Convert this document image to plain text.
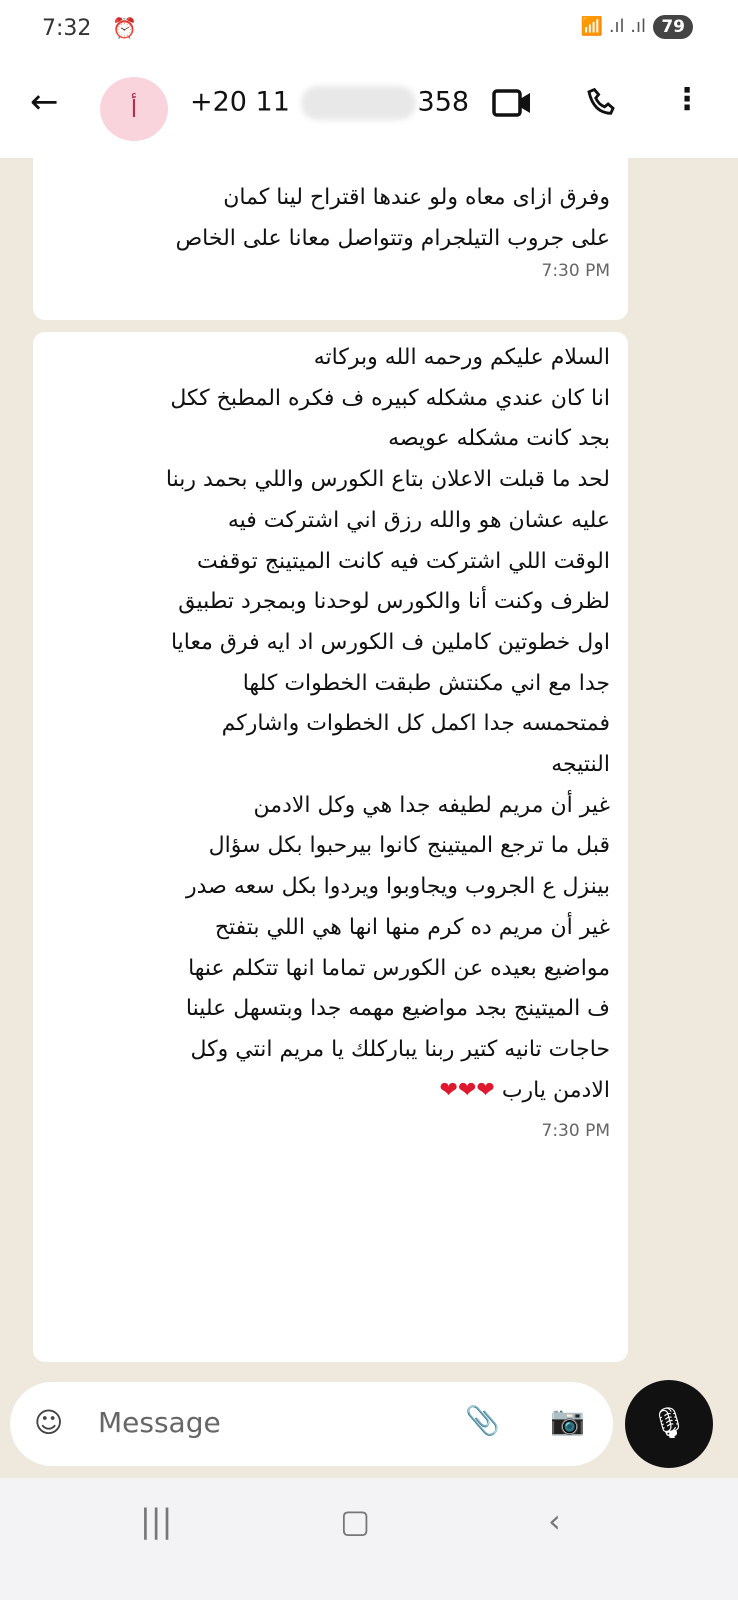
7:32 ⏰	📶 .ıl .ıl 79
←	أ	+20 11	358	⋮

وفرق ازاى معاه ولو عندها اقتراح لينا كمان
على جروب التيلجرام وتتواصل معانا على الخاص
7:30 PM
السلام عليكم ورحمه الله وبركاته
انا كان عندي مشكله كبيره ف فكره المطبخ ككل
بجد كانت مشكله عويصه
لحد ما قبلت الاعلان بتاع الكورس واللي بحمد ربنا
عليه عشان هو والله رزق اني اشتركت فيه
الوقت اللي اشتركت فيه كانت الميتينج توقفت
لظرف وكنت أنا والكورس لوحدنا وبمجرد تطبيق
اول خطوتين كاملين ف الكورس اد ايه فرق معايا
جدا مع اني مكنتش طبقت الخطوات كلها
فمتحمسه جدا اكمل كل الخطوات واشاركم
النتيجه
غير أن مريم لطيفه جدا هي وكل الادمن
قبل ما ترجع الميتينج كانوا بيرحبوا بكل سؤال
بينزل ع الجروب ويجاوبوا ويردوا بكل سعه صدر
غير أن مريم ده كرم منها انها هي اللي بتفتح
مواضيع بعيده عن الكورس تماما انها تتكلم عنها
ف الميتينج بجد مواضيع مهمه جدا وبتسهل علينا
حاجات تانيه كتير ربنا يباركلك يا مريم انتي وكل
الادمن يارب ❤❤❤
7:30 PM
☺ Message	📎 📷	🎙
|||	▢	‹
